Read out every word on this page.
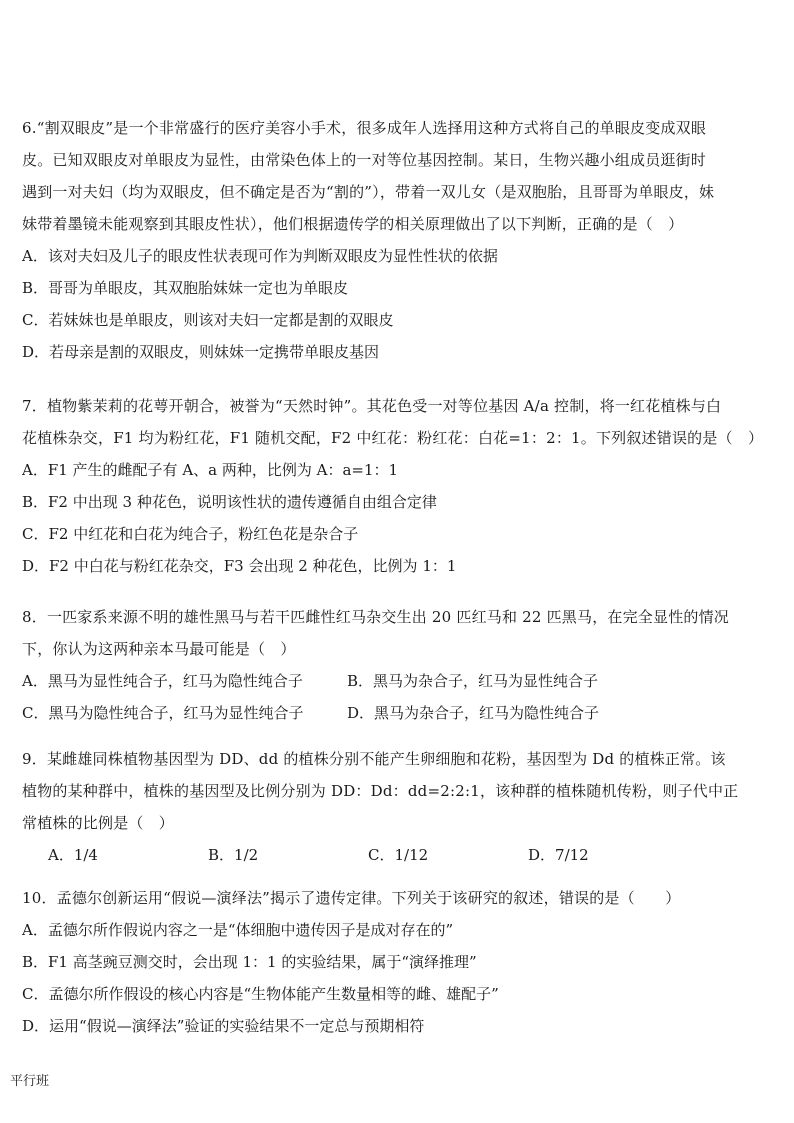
6.“割双眼皮”是一个非常盛行的医疗美容小手术，很多成年人选择用这种方式将自己的单眼皮变成双眼
皮。已知双眼皮对单眼皮为显性，由常染色体上的一对等位基因控制。某日，生物兴趣小组成员逛街时
遇到一对夫妇（均为双眼皮，但不确定是否为“割的”），带着一双儿女（是双胞胎，且哥哥为单眼皮，妹
妹带着墨镜未能观察到其眼皮性状），他们根据遗传学的相关原理做出了以下判断，正确的是（　）
A．该对夫妇及儿子的眼皮性状表现可作为判断双眼皮为显性性状的依据
B．哥哥为单眼皮，其双胞胎妹妹一定也为单眼皮
C．若妹妹也是单眼皮，则该对夫妇一定都是割的双眼皮
D．若母亲是割的双眼皮，则妹妹一定携带单眼皮基因
7．植物紫茉莉的花萼开朝合，被誉为“天然时钟”。其花色受一对等位基因 A/a 控制，将一红花植株与白
花植株杂交，F1 均为粉红花，F1 随机交配，F2 中红花：粉红花：白花=1：2：1。下列叙述错误的是（　）
A．F1 产生的雌配子有 A、a 两种，比例为 A：a=1：1
B．F2 中出现 3 种花色，说明该性状的遗传遵循自由组合定律
C．F2 中红花和白花为纯合子，粉红色花是杂合子
D．F2 中白花与粉红花杂交，F3 会出现 2 种花色，比例为 1：1
8．一匹家系来源不明的雄性黑马与若干匹雌性红马杂交生出 20 匹红马和 22 匹黑马，在完全显性的情况
下，你认为这两种亲本马最可能是（　）
A．黑马为显性纯合子，红马为隐性纯合子	B．黑马为杂合子，红马为显性纯合子
C．黑马为隐性纯合子，红马为显性纯合子	D．黑马为杂合子，红马为隐性纯合子
9．某雌雄同株植物基因型为 DD、dd 的植株分别不能产生卵细胞和花粉，基因型为 Dd 的植株正常。该
植物的某种群中，植株的基因型及比例分别为 DD：Dd：dd=2:2:1，该种群的植株随机传粉，则子代中正
常植株的比例是（　）
A．1/4	B．1/2	C．1/12	D．7/12
10．孟德尔创新运用“假说—演绎法”揭示了遗传定律。下列关于该研究的叙述，错误的是（　　）
A．孟德尔所作假说内容之一是“体细胞中遗传因子是成对存在的”
B．F1 高茎豌豆测交时，会出现 1：1 的实验结果，属于“演绎推理”
C．孟德尔所作假设的核心内容是“生物体能产生数量相等的雌、雄配子”
D．运用“假说—演绎法”验证的实验结果不一定总与预期相符
平行班
